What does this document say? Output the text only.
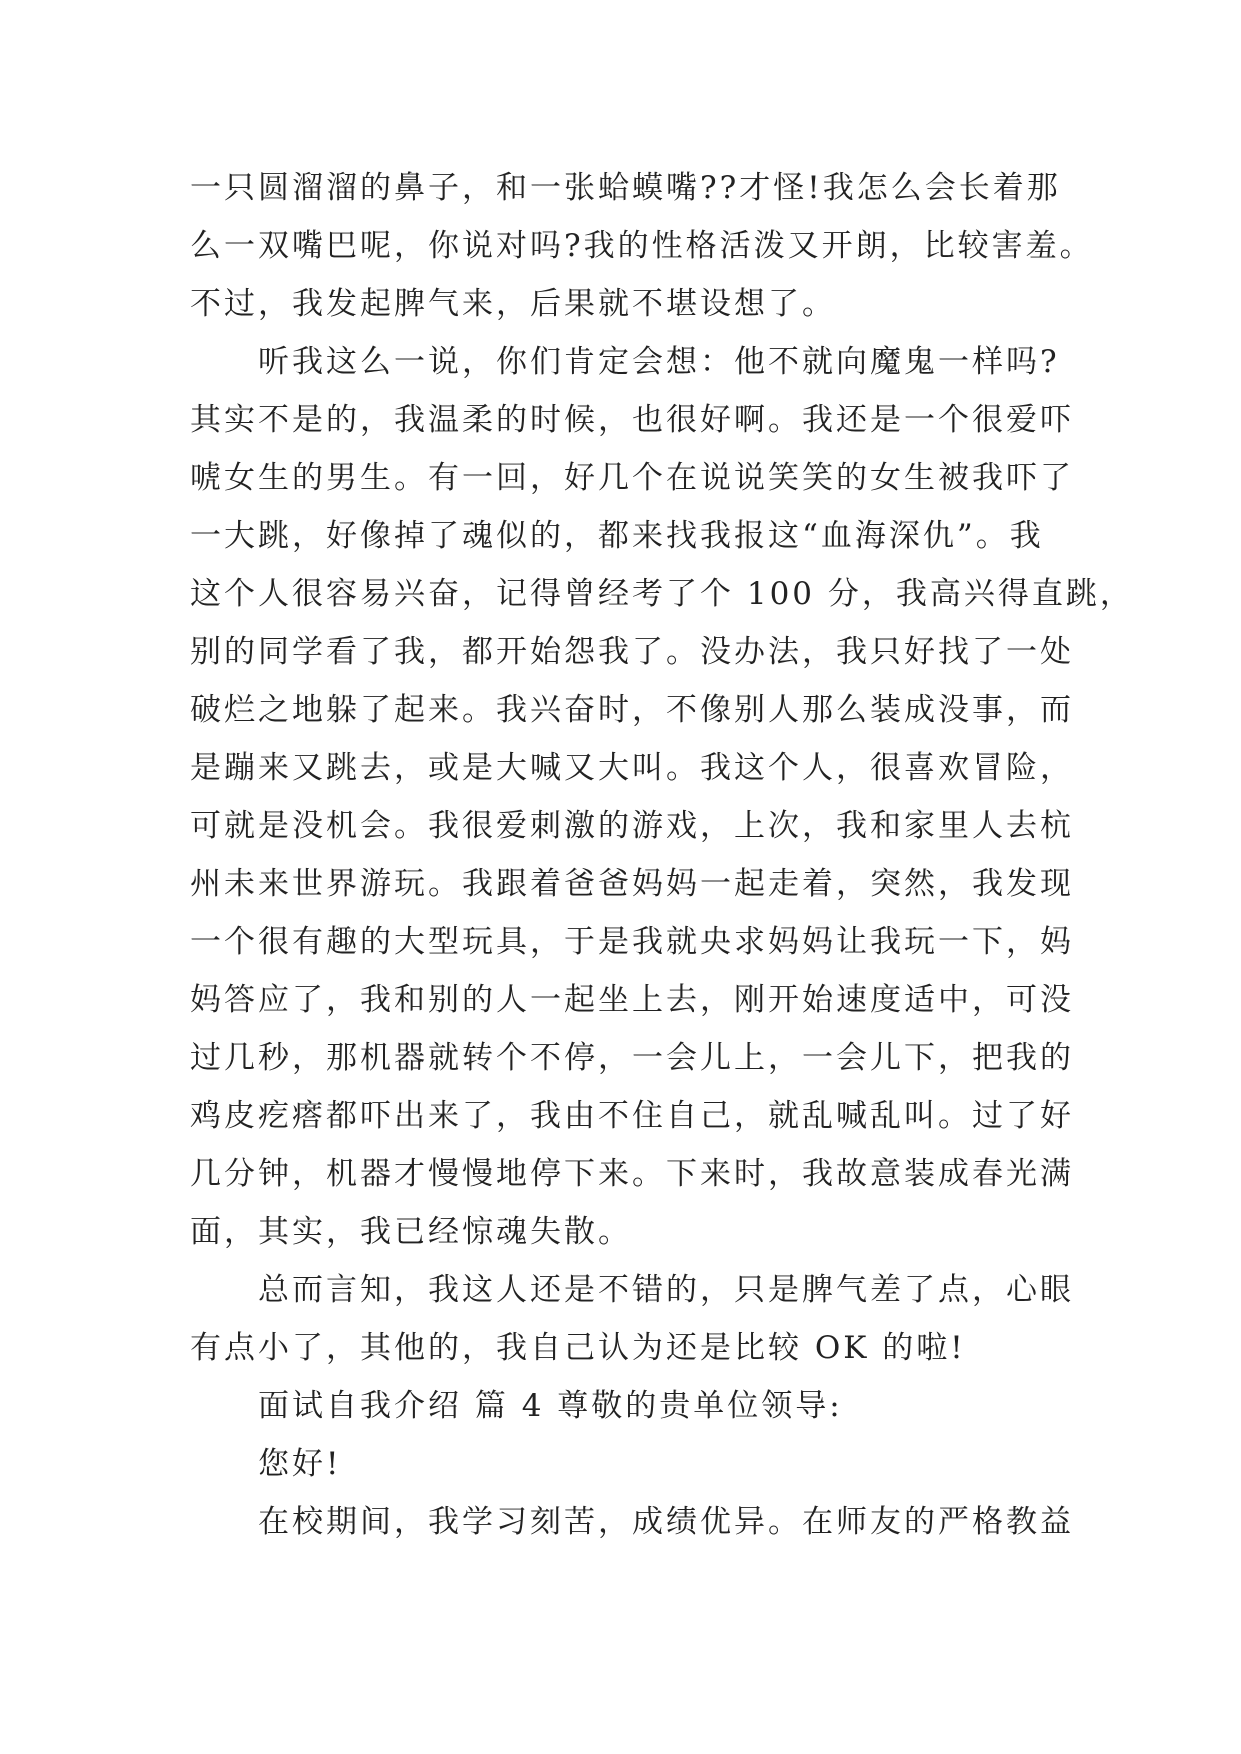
一只圆溜溜的鼻子，和一张蛤蟆嘴??才怪!我怎么会长着那
么一双嘴巴呢，你说对吗?我的性格活泼又开朗，比较害羞。
不过，我发起脾气来，后果就不堪设想了。
听我这么一说，你们肯定会想：他不就向魔鬼一样吗?
其实不是的，我温柔的时候，也很好啊。我还是一个很爱吓
唬女生的男生。有一回，好几个在说说笑笑的女生被我吓了
一大跳，好像掉了魂似的，都来找我报这“血海深仇”。我
这个人很容易兴奋，记得曾经考了个 100 分，我高兴得直跳，
别的同学看了我，都开始怨我了。没办法，我只好找了一处
破烂之地躲了起来。我兴奋时，不像别人那么装成没事，而
是蹦来又跳去，或是大喊又大叫。我这个人，很喜欢冒险，
可就是没机会。我很爱刺激的游戏，上次，我和家里人去杭
州未来世界游玩。我跟着爸爸妈妈一起走着，突然，我发现
一个很有趣的大型玩具，于是我就央求妈妈让我玩一下，妈
妈答应了，我和别的人一起坐上去，刚开始速度适中，可没
过几秒，那机器就转个不停，一会儿上，一会儿下，把我的
鸡皮疙瘩都吓出来了，我由不住自己，就乱喊乱叫。过了好
几分钟，机器才慢慢地停下来。下来时，我故意装成春光满
面，其实，我已经惊魂失散。
总而言知，我这人还是不错的，只是脾气差了点，心眼
有点小了，其他的，我自己认为还是比较 OK 的啦!
面试自我介绍 篇 4 尊敬的贵单位领导:
您好!
在校期间，我学习刻苦，成绩优异。在师友的严格教益
